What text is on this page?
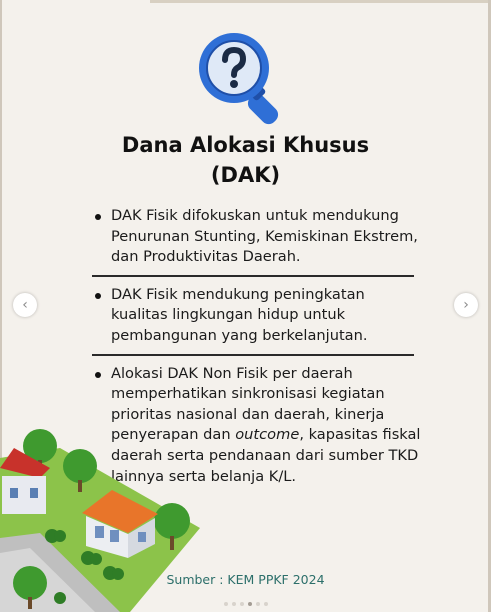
Dana Alokasi Khusus
(DAK)

DAK Fisik difokuskan untuk mendukung

Penurunan Stunting, Kemiskinan Ekstrem,

dan Produktivitas Daerah.

DAK Fisik mendukung peningkatan

kualitas lingkungan hidup untuk

pembangunan yang berkelanjutan.

Alokasi DAK Non Fisik per daerah

memperhatikan sinkronisasi kegiatan

prioritas nasional dan daerah, kinerja

penyerapan dan outcome, kapasitas fiskal

daerah serta pendanaan dari sumber TKD

lainnya serta belanja K/L.

‹	›
Sumber : KEM PPKF 2024
